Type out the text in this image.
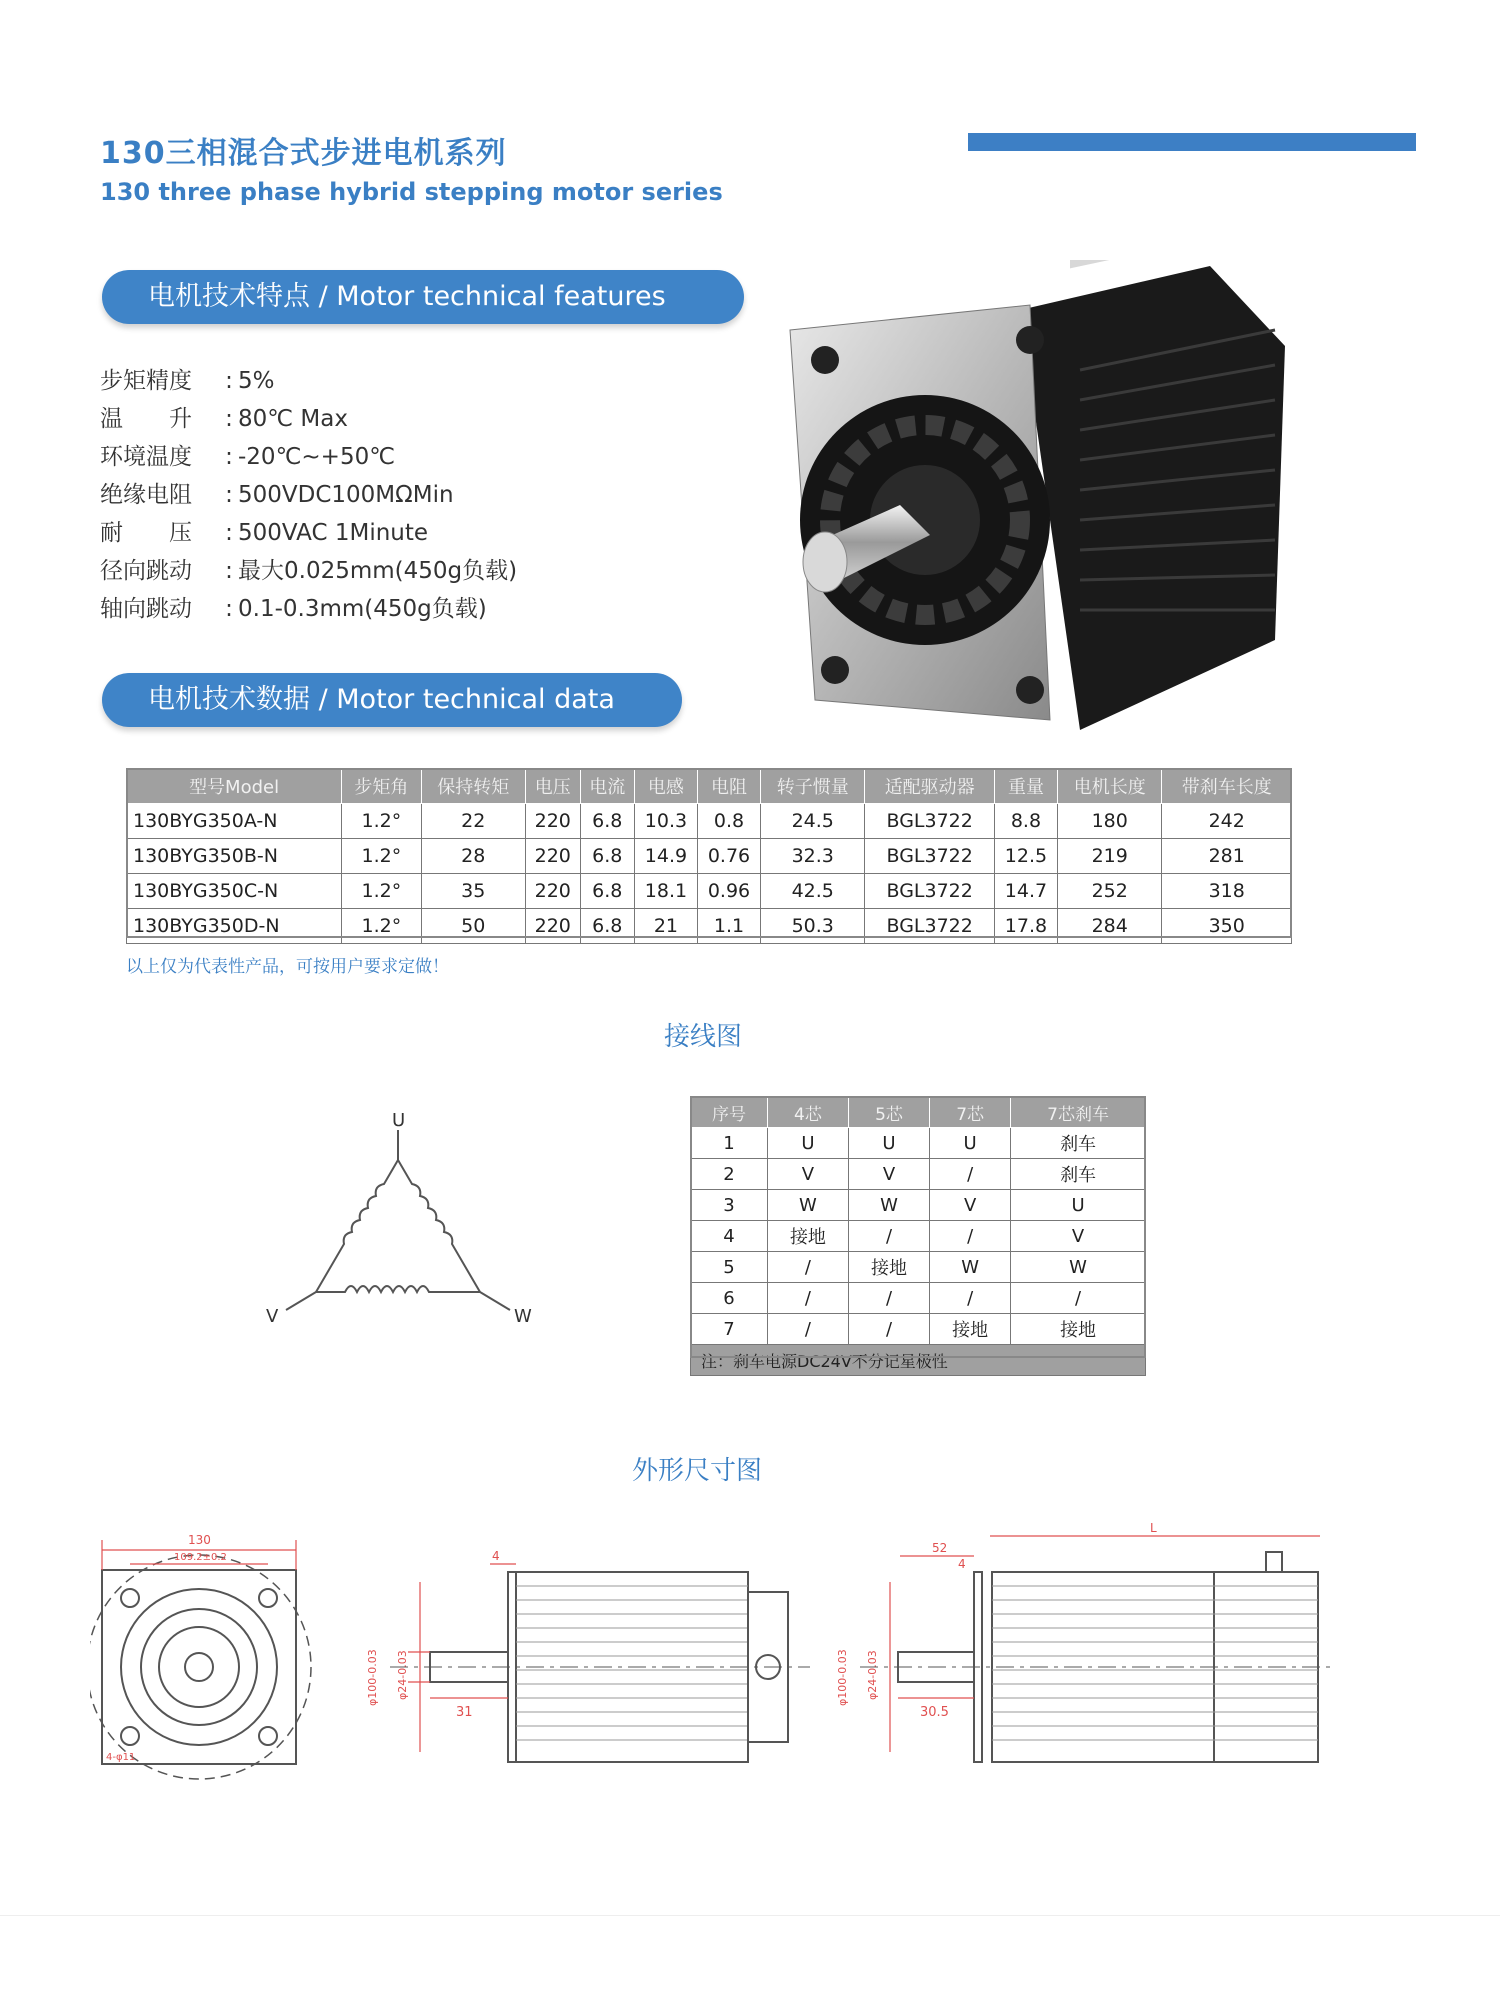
130三相混合式步进电机系列
130 three phase hybrid stepping motor series
电机技术特点 / Motor technical features
步矩精度	: 5%
温　　升	: 80℃ Max
环境温度	: -20℃~+50℃
绝缘电阻	: 500VDC100MΩMin
耐　　压	: 500VAC 1Minute
径向跳动	: 最大0.025mm(450g负载)
轴向跳动	: 0.1-0.3mm(450g负载)
电机技术数据 / Motor technical data
型号Model	步矩角	保持转矩	电压	电流	电感	电阻	转子惯量	适配驱动器	重量	电机长度	带刹车长度
130BYG350A-N	1.2°	22	220	6.8	10.3	0.8	24.5	BGL3722	8.8	180	242
130BYG350B-N	1.2°	28	220	6.8	14.9	0.76	32.3	BGL3722	12.5	219	281
130BYG350C-N	1.2°	35	220	6.8	18.1	0.96	42.5	BGL3722	14.7	252	318
130BYG350D-N	1.2°	50	220	6.8	21	1.1	50.3	BGL3722	17.8	284	350
以上仅为代表性产品，可按用户要求定做！
接线图
U
V	W
序号	4芯	5芯	7芯	7芯刹车
1	U	U	U	刹车
2	V	V	/	刹车
3	W	W	V	U
4	接地	/	/	V
5	/	接地	W	W
6	/	/	/	/
7	/	/	接地	接地
注：刹车电源DC24V不分记星极性				
外形尺寸图
130
109.2±0.2
4-φ11
4
31
φ100-0.03 φ24-0.03
52
4
L
30.5
φ100-0.03 φ24-0.03
